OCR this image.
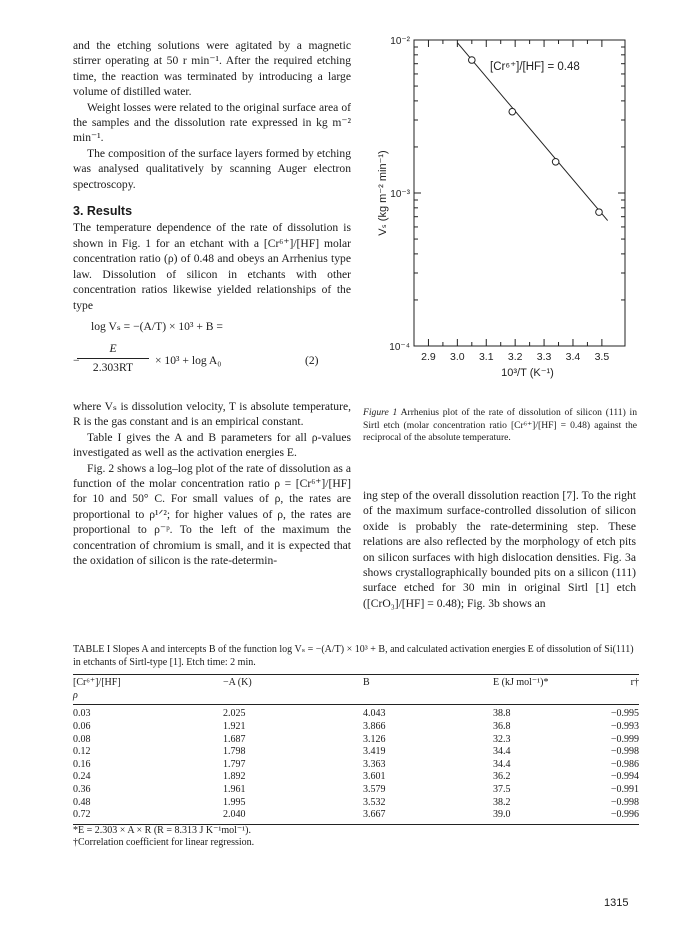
and the etching solutions were agitated by a magnetic stirrer operating at 50 r min⁻¹. After the required etching time, the reaction was terminated by introducing a large volume of distilled water.

Weight losses were related to the original surface area of the samples and the dissolution rate expressed in kg m⁻² min⁻¹.

The composition of the surface layers formed by etching was analysed qualitatively by scanning Auger electron spectroscopy.

3. Results

The temperature dependence of the rate of dissolution is shown in Fig. 1 for an etchant with a [Cr⁶⁺]/[HF] molar concentration ratio (ρ) of 0.48 and obeys an Arrhenius type law. Dissolution of silicon in etchants with other concentration ratios likewise yielded relationships of the type

log Vₛ = −(A/T) × 10³ + B =
−
$\frac{E}{2.303RT} \times 10^3 + \log A_0$	(2)

where Vₛ is dissolution velocity, T is absolute temperature, R is the gas constant and is an empirical constant.

Table I gives the A and B parameters for all ρ-values investigated as well as the activation energies E.

Fig. 2 shows a log–log plot of the rate of dissolution as a function of the molar concentration ratio ρ = [Cr⁶⁺]/[HF] for 10 and 50° C. For small values of ρ, the rates are proportional to ρ¹ᐟ²; for higher values of ρ, the rates are proportional to ρ⁻ᵖ. To the left of the maximum the concentration of chromium is small, and it is expected that the oxidation of silicon is the rate-determin-

10⁻²
10⁻³
10⁻⁴
2.9 3.0 3.1 3.2 3.3 3.4 3.5
10³/T (K⁻¹)
Vₛ (kg m⁻² min⁻¹)
[Cr⁶⁺]/[HF] = 0.48
Figure 1 Arrhenius plot of the rate of dissolution of silicon (111) in Sirtl etch (molar concentration ratio [Cr⁶⁺]/[HF] = 0.48) against the reciprocal of the absolute temperature.

ing step of the overall dissolution reaction [7]. To the right of the maximum surface-controlled dissolution of silicon oxide is probably the rate-determining step. These relations are also reflected by the morphology of etch pits on silicon surfaces with high dislocation densities. Fig. 3a shows crystallographically bounded pits on a silicon (111) surface etched for 30 min in original Sirtl [1] etch ([CrO₃]/[HF] = 0.48); Fig. 3b shows an

TABLE I Slopes A and intercepts B of the function log Vₛ = −(A/T) × 10³ + B, and calculated activation energies E of dissolution of Si(111) in etchants of Sirtl-type [1]. Etch time: 2 min.
[Cr⁶⁺]/[HF]	−A (K)	B	E (kJ mol⁻¹)*	r†
ρ				
0.03	2.025	4.043	38.8	−0.995
0.06	1.921	3.866	36.8	−0.993
0.08	1.687	3.126	32.3	−0.999
0.12	1.798	3.419	34.4	−0.998
0.16	1.797	3.363	34.4	−0.986
0.24	1.892	3.601	36.2	−0.994
0.36	1.961	3.579	37.5	−0.991
0.48	1.995	3.532	38.2	−0.998
0.72	2.040	3.667	39.0	−0.996
*E = 2.303 × A × R (R = 8.313 J K⁻¹mol⁻¹).
†Correlation coefficient for linear regression.
1315
